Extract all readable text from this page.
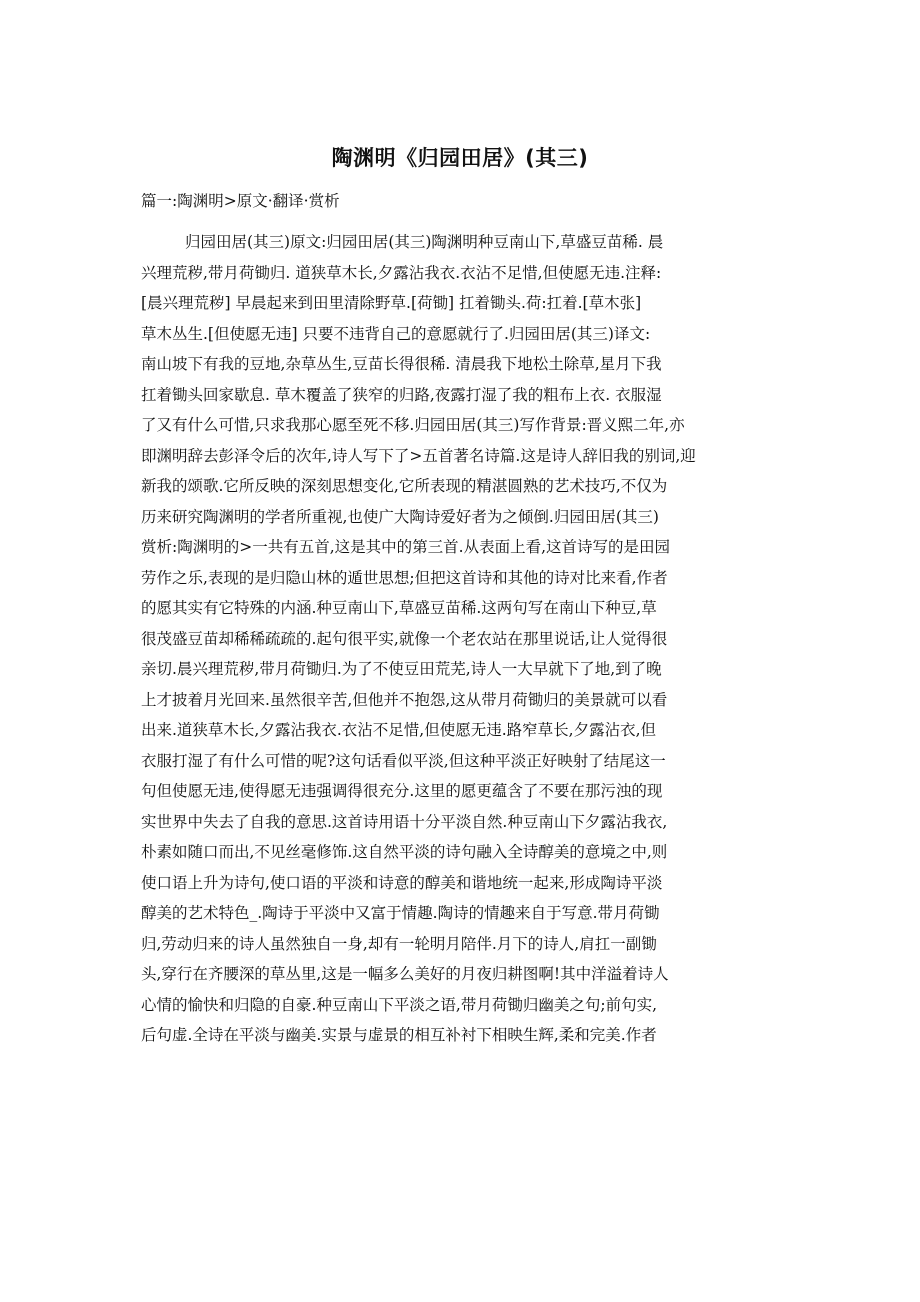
陶渊明《归园田居》(其三)
篇一:陶渊明>原文·翻译·赏析
归园田居(其三)原文:归园田居(其三)陶渊明种豆南山下,草盛豆苗稀. 晨
兴理荒秽,带月荷锄归. 道狭草木长,夕露沾我衣.衣沾不足惜,但使愿无违.注释:
[晨兴理荒秽] 早晨起来到田里清除野草.[荷锄] 扛着锄头.荷:扛着.[草木张]
草木丛生.[但使愿无违] 只要不违背自己的意愿就行了.归园田居(其三)译文:
南山坡下有我的豆地,杂草丛生,豆苗长得很稀. 清晨我下地松土除草,星月下我
扛着锄头回家歇息. 草木覆盖了狭窄的归路,夜露打湿了我的粗布上衣. 衣服湿
了又有什么可惜,只求我那心愿至死不移.归园田居(其三)写作背景:晋义熙二年,亦
即渊明辞去彭泽令后的次年,诗人写下了>五首著名诗篇.这是诗人辞旧我的别词,迎
新我的颂歌.它所反映的深刻思想变化,它所表现的精湛圆熟的艺术技巧,不仅为
历来研究陶渊明的学者所重视,也使广大陶诗爱好者为之倾倒.归园田居(其三)
赏析:陶渊明的>一共有五首,这是其中的第三首.从表面上看,这首诗写的是田园
劳作之乐,表现的是归隐山林的遁世思想;但把这首诗和其他的诗对比来看,作者
的愿其实有它特殊的内涵.种豆南山下,草盛豆苗稀.这两句写在南山下种豆,草
很茂盛豆苗却稀稀疏疏的.起句很平实,就像一个老农站在那里说话,让人觉得很
亲切.晨兴理荒秽,带月荷锄归.为了不使豆田荒芜,诗人一大早就下了地,到了晚
上才披着月光回来.虽然很辛苦,但他并不抱怨,这从带月荷锄归的美景就可以看
出来.道狭草木长,夕露沾我衣.衣沾不足惜,但使愿无违.路窄草长,夕露沾衣,但
衣服打湿了有什么可惜的呢?这句话看似平淡,但这种平淡正好映射了结尾这一
句但使愿无违,使得愿无违强调得很充分.这里的愿更蕴含了不要在那污浊的现
实世界中失去了自我的意思.这首诗用语十分平淡自然.种豆南山下夕露沾我衣,
朴素如随口而出,不见丝毫修饰.这自然平淡的诗句融入全诗醇美的意境之中,则
使口语上升为诗句,使口语的平淡和诗意的醇美和谐地统一起来,形成陶诗平淡
醇美的艺术特色_.陶诗于平淡中又富于情趣.陶诗的情趣来自于写意.带月荷锄
归,劳动归来的诗人虽然独自一身,却有一轮明月陪伴.月下的诗人,肩扛一副锄
头,穿行在齐腰深的草丛里,这是一幅多么美好的月夜归耕图啊!其中洋溢着诗人
心情的愉快和归隐的自豪.种豆南山下平淡之语,带月荷锄归幽美之句;前句实,
后句虚.全诗在平淡与幽美.实景与虚景的相互补衬下相映生辉,柔和完美.作者
